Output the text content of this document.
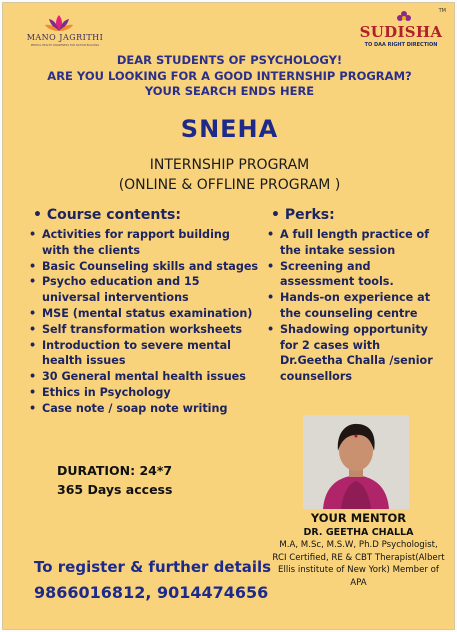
MANO JAGRITHI
MENTAL HEALTH AWARENESS FOR NATION BUILDING
TM
SUDISHA
TO DAA RIGHT DIRECTION
DEAR STUDENTS OF PSYCHOLOGY!
ARE YOU LOOKING FOR A GOOD INTERNSHIP PROGRAM?
YOUR SEARCH ENDS HERE
SNEHA
INTERNSHIP PROGRAM
(ONLINE & OFFLINE PROGRAM )
• Course contents:
• Activities for rapport building with the clients
• Basic Counseling skills and stages
• Psycho education and 15 universal interventions
• MSE (mental status examination)
• Self transformation worksheets
• Introduction to severe mental health issues
• 30 General mental health issues
• Ethics in Psychology
• Case note / soap note writing
• Perks:
• A full length practice of the intake session
• Screening and assessment tools.
• Hands-on experience at the counseling centre
• Shadowing opportunity for 2 cases with Dr.Geetha Challa /senior counsellors
DURATION: 24*7
365 Days access
YOUR MENTOR
DR. GEETHA CHALLA
M.A, M.Sc, M.S.W, Ph.D Psychologist, RCI Certified, RE & CBT Therapist(Albert Ellis institute of New York) Member of APA
To register & further details
9866016812, 9014474656
